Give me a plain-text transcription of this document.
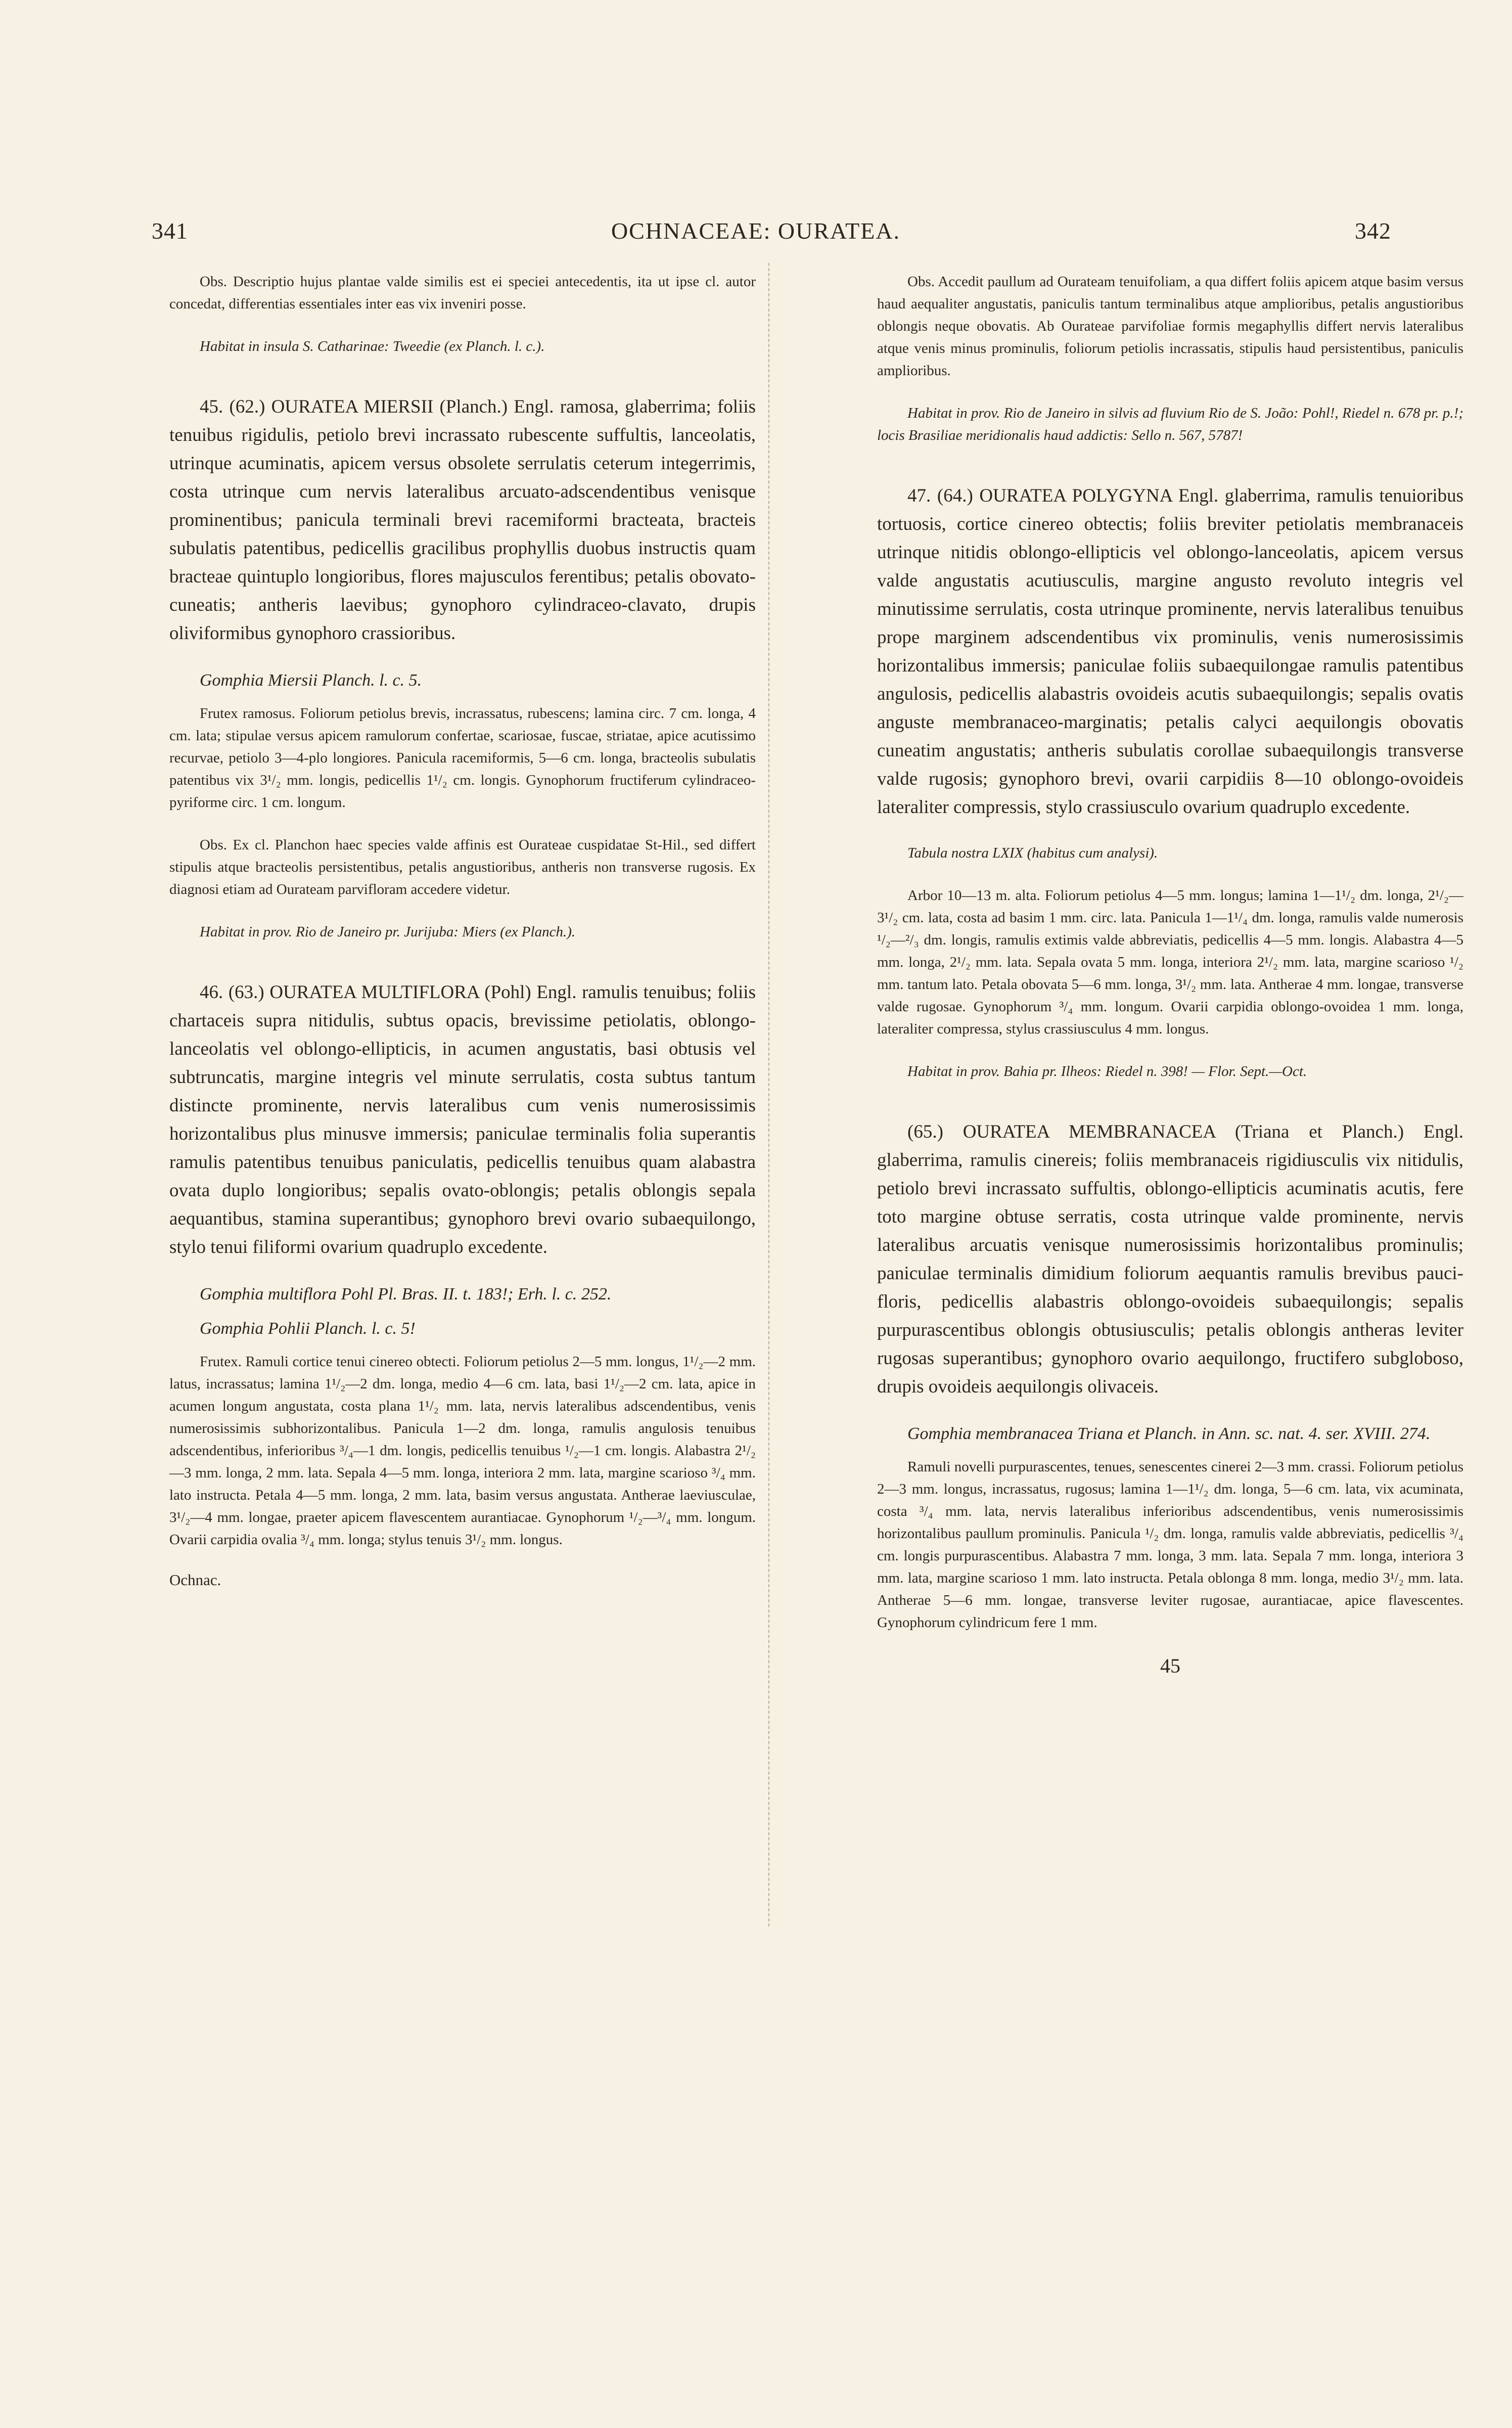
341	OCHNACEAE: OURATEA.	342

Obs. Descriptio hujus plantae valde similis est ei speciei antecedentis, ita ut ipse cl. autor concedat, differentias essentiales inter eas vix inveniri posse.

Habitat in insula S. Catharinae: Tweedie (ex Planch. l. c.).

45. (62.) OURATEA MIERSII (Planch.) Engl. ramosa, glaberrima; foliis tenuibus rigidulis, petiolo brevi incrassato rubescente suffultis, lanceolatis, utrinque acuminatis, apicem versus obsolete serrulatis ceterum integerrimis, costa utrinque cum nervis lateralibus arcuato-adscendentibus venisque prominentibus; panicula terminali brevi racemiformi bracteata, bracteis subulatis patentibus, pedicellis gracilibus prophyllis duobus instructis quam bracteae quintuplo longioribus, flores majusculos ferentibus; petalis obovato-cuneatis; antheris laevibus; gynophoro cylindraceo-clavato, drupis oliviformibus gynophoro crassioribus.

Gomphia Miersii Planch. l. c. 5.

Frutex ramosus. Foliorum petiolus brevis, incrassatus, rubescens; lamina circ. 7 cm. longa, 4 cm. lata; stipulae versus apicem ramulorum confertae, scariosae, fuscae, striatae, apice acutissimo recurvae, petiolo 3—4-plo longiores. Panicula racemiformis, 5—6 cm. longa, bracteolis subulatis patentibus vix 3¹/₂ mm. longis, pedicellis 1¹/₂ cm. longis. Gynophorum fructiferum cylindraceo-pyriforme circ. 1 cm. longum.

Obs. Ex cl. Planchon haec species valde affinis est Ourateae cuspidatae St-Hil., sed differt stipulis atque bracteolis persistentibus, petalis angustioribus, antheris non transverse rugosis. Ex diagnosi etiam ad Ourateam parvifloram accedere videtur.

Habitat in prov. Rio de Janeiro pr. Jurijuba: Miers (ex Planch.).

46. (63.) OURATEA MULTIFLORA (Pohl) Engl. ramulis tenuibus; foliis chartaceis supra nitidulis, subtus opacis, brevissime petiolatis, oblongo-lanceolatis vel oblongo-ellipticis, in acumen angustatis, basi obtusis vel subtruncatis, margine integris vel minute serrulatis, costa subtus tantum distincte prominente, nervis lateralibus cum venis numerosissimis horizontalibus plus minusve immersis; paniculae terminalis folia superantis ramulis patentibus tenuibus paniculatis, pedicellis tenuibus quam alabastra ovata duplo longioribus; sepalis ovato-oblongis; petalis oblongis sepala aequantibus, stamina superantibus; gynophoro brevi ovario subaequilongo, stylo tenui filiformi ovarium quadruplo excedente.

Gomphia multiflora Pohl Pl. Bras. II. t. 183!; Erh. l. c. 252.

Gomphia Pohlii Planch. l. c. 5!

Frutex. Ramuli cortice tenui cinereo obtecti. Foliorum petiolus 2—5 mm. longus, 1¹/₂—2 mm. latus, incrassatus; lamina 1¹/₂—2 dm. longa, medio 4—6 cm. lata, basi 1¹/₂—2 cm. lata, apice in acumen longum angustata, costa plana 1¹/₂ mm. lata, nervis lateralibus adscendentibus, venis numerosissimis subhorizontalibus. Panicula 1—2 dm. longa, ramulis angulosis tenuibus adscendentibus, inferioribus ³/₄—1 dm. longis, pedicellis tenuibus ¹/₂—1 cm. longis. Alabastra 2¹/₂—3 mm. longa, 2 mm. lata. Sepala 4—5 mm. longa, interiora 2 mm. lata, margine scarioso ³/₄ mm. lato instructa. Petala 4—5 mm. longa, 2 mm. lata, basim versus angustata. Antherae laeviusculae, 3¹/₂—4 mm. longae, praeter apicem flavescentem aurantiacae. Gynophorum ¹/₂—³/₄ mm. longum. Ovarii carpidia ovalia ³/₄ mm. longa; stylus tenuis 3¹/₂ mm. longus.

Ochnac.

Obs. Accedit paullum ad Ourateam tenuifoliam, a qua differt foliis apicem atque basim versus haud aequaliter angustatis, paniculis tantum terminalibus atque amplioribus, petalis angustioribus oblongis neque obovatis. Ab Ourateae parvifoliae formis megaphyllis differt nervis lateralibus atque venis minus prominulis, foliorum petiolis incrassatis, stipulis haud persistentibus, paniculis amplioribus.

Habitat in prov. Rio de Janeiro in silvis ad fluvium Rio de S. João: Pohl!, Riedel n. 678 pr. p.!; locis Brasiliae meridionalis haud addictis: Sello n. 567, 5787!

47. (64.) OURATEA POLYGYNA Engl. glaberrima, ramulis tenuioribus tortuosis, cortice cinereo obtectis; foliis breviter petiolatis membranaceis utrinque nitidis oblongo-ellipticis vel oblongo-lanceolatis, apicem versus valde angustatis acutiusculis, margine angusto revoluto integris vel minutissime serrulatis, costa utrinque prominente, nervis lateralibus tenuibus prope marginem adscendentibus vix prominulis, venis numerosissimis horizontalibus immersis; paniculae foliis subaequilongae ramulis patentibus angulosis, pedicellis alabastris ovoideis acutis subaequilongis; sepalis ovatis anguste membranaceo-marginatis; petalis calyci aequilongis obovatis cuneatim angustatis; antheris subulatis corollae subaequilongis transverse valde rugosis; gynophoro brevi, ovarii carpidiis 8—10 oblongo-ovoideis lateraliter compressis, stylo crassiusculo ovarium quadruplo excedente.

Tabula nostra LXIX (habitus cum analysi).

Arbor 10—13 m. alta. Foliorum petiolus 4—5 mm. longus; lamina 1—1¹/₂ dm. longa, 2¹/₂—3¹/₂ cm. lata, costa ad basim 1 mm. circ. lata. Panicula 1—1¹/₄ dm. longa, ramulis valde numerosis ¹/₂—²/₃ dm. longis, ramulis extimis valde abbreviatis, pedicellis 4—5 mm. longis. Alabastra 4—5 mm. longa, 2¹/₂ mm. lata. Sepala ovata 5 mm. longa, interiora 2¹/₂ mm. lata, margine scarioso ¹/₂ mm. tantum lato. Petala obovata 5—6 mm. longa, 3¹/₂ mm. lata. Antherae 4 mm. longae, transverse valde rugosae. Gynophorum ³/₄ mm. longum. Ovarii carpidia oblongo-ovoidea 1 mm. longa, lateraliter compressa, stylus crassiusculus 4 mm. longus.

Habitat in prov. Bahia pr. Ilheos: Riedel n. 398! — Flor. Sept.—Oct.

(65.) OURATEA MEMBRANACEA (Triana et Planch.) Engl. glaberrima, ramulis cinereis; foliis membranaceis rigidiusculis vix nitidulis, petiolo brevi incrassato suffultis, oblongo-ellipticis acuminatis acutis, fere toto margine obtuse serratis, costa utrinque valde prominente, nervis lateralibus arcuatis venisque numerosissimis horizontalibus prominulis; paniculae terminalis dimidium foliorum aequantis ramulis brevibus pauci-floris, pedicellis alabastris oblongo-ovoideis subaequilongis; sepalis purpurascentibus oblongis obtusiusculis; petalis oblongis antheras leviter rugosas superantibus; gynophoro ovario aequilongo, fructifero subgloboso, drupis ovoideis aequilongis olivaceis.

Gomphia membranacea Triana et Planch. in Ann. sc. nat. 4. ser. XVIII. 274.

Ramuli novelli purpurascentes, tenues, senescentes cinerei 2—3 mm. crassi. Foliorum petiolus 2—3 mm. longus, incrassatus, rugosus; lamina 1—1¹/₂ dm. longa, 5—6 cm. lata, vix acuminata, costa ³/₄ mm. lata, nervis lateralibus inferioribus adscendentibus, venis numerosissimis horizontalibus paullum prominulis. Panicula ¹/₂ dm. longa, ramulis valde abbreviatis, pedicellis ³/₄ cm. longis purpurascentibus. Alabastra 7 mm. longa, 3 mm. lata. Sepala 7 mm. longa, interiora 3 mm. lata, margine scarioso 1 mm. lato instructa. Petala oblonga 8 mm. longa, medio 3¹/₂ mm. lata. Antherae 5—6 mm. longae, transverse leviter rugosae, aurantiacae, apice flavescentes. Gynophorum cylindricum fere 1 mm.

45
